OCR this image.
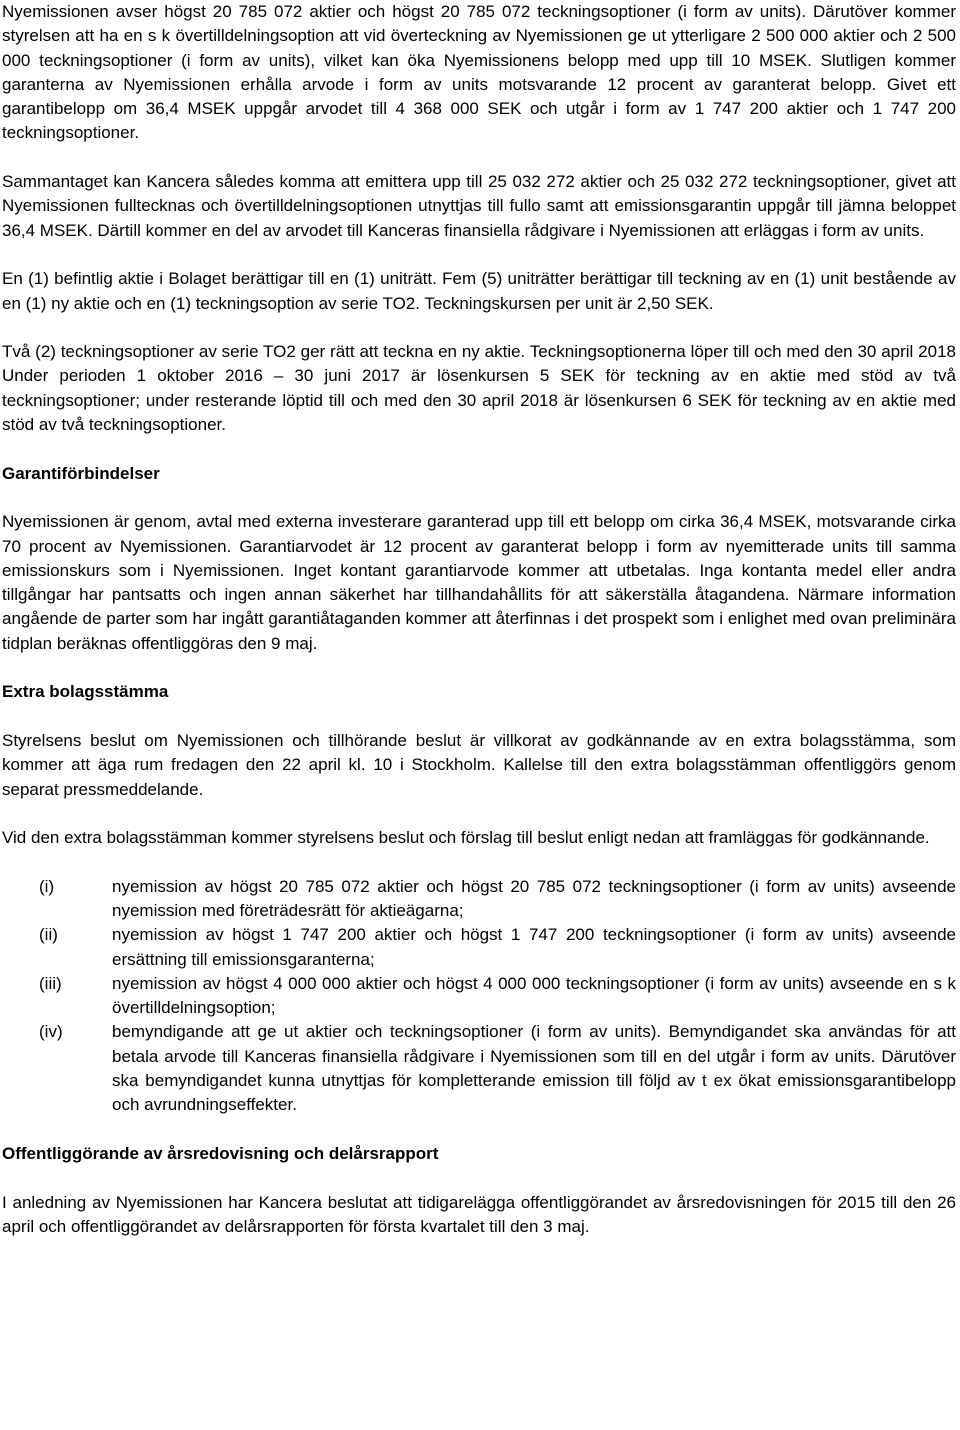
Nyemissionen avser högst 20 785 072 aktier och högst 20 785 072 teckningsoptioner (i form av units). Därutöver kommer styrelsen att ha en s k övertilldelningsoption att vid överteckning av Nyemissionen ge ut ytterligare 2 500 000 aktier och 2 500 000 teckningsoptioner (i form av units), vilket kan öka Nyemissionens belopp med upp till 10 MSEK. Slutligen kommer garanterna av Nyemissionen erhålla arvode i form av units motsvarande 12 procent av garanterat belopp. Givet ett garantibelopp om 36,4 MSEK uppgår arvodet till 4 368 000 SEK och utgår i form av 1 747 200 aktier och 1 747 200 teckningsoptioner.

Sammantaget kan Kancera således komma att emittera upp till 25 032 272 aktier och 25 032 272 teckningsoptioner, givet att Nyemissionen fulltecknas och övertilldelningsoptionen utnyttjas till fullo samt att emissionsgarantin uppgår till jämna beloppet 36,4 MSEK. Därtill kommer en del av arvodet till Kanceras finansiella rådgivare i Nyemissionen att erläggas i form av units.

En (1) befintlig aktie i Bolaget berättigar till en (1) uniträtt. Fem (5) uniträtter berättigar till teckning av en (1) unit bestående av en (1) ny aktie och en (1) teckningsoption av serie TO2. Teckningskursen per unit är 2,50 SEK.

Två (2) teckningsoptioner av serie TO2 ger rätt att teckna en ny aktie. Teckningsoptionerna löper till och med den 30 april 2018 Under perioden 1 oktober 2016 – 30 juni 2017 är lösenkursen 5 SEK för teckning av en aktie med stöd av två teckningsoptioner; under resterande löptid till och med den 30 april 2018 är lösenkursen 6 SEK för teckning av en aktie med stöd av två teckningsoptioner.

Garantiförbindelser

Nyemissionen är genom, avtal med externa investerare garanterad upp till ett belopp om cirka 36,4 MSEK, motsvarande cirka 70 procent av Nyemissionen. Garantiarvodet är 12 procent av garanterat belopp i form av nyemitterade units till samma emissionskurs som i Nyemissionen. Inget kontant garantiarvode kommer att utbetalas. Inga kontanta medel eller andra tillgångar har pantsatts och ingen annan säkerhet har tillhandahållits för att säkerställa åtagandena. Närmare information angående de parter som har ingått garantiåtaganden kommer att återfinnas i det prospekt som i enlighet med ovan preliminära tidplan beräknas offentliggöras den 9 maj.

Extra bolagsstämma

Styrelsens beslut om Nyemissionen och tillhörande beslut är villkorat av godkännande av en extra bolagsstämma, som kommer att äga rum fredagen den 22 april kl. 10 i Stockholm. Kallelse till den extra bolagsstämman offentliggörs genom separat pressmeddelande.

Vid den extra bolagsstämman kommer styrelsens beslut och förslag till beslut enligt nedan att framläggas för godkännande.

(i)	nyemission av högst 20 785 072 aktier och högst 20 785 072 teckningsoptioner (i form av units) avseende nyemission med företrädesrätt för aktieägarna;
(ii)	nyemission av högst 1 747 200 aktier och högst 1 747 200 teckningsoptioner (i form av units) avseende ersättning till emissionsgaranterna;
(iii)	nyemission av högst 4 000 000 aktier och högst 4 000 000 teckningsoptioner (i form av units) avseende en s k övertilldelningsoption;
(iv)	bemyndigande att ge ut aktier och teckningsoptioner (i form av units). Bemyndigandet ska användas för att betala arvode till Kanceras finansiella rådgivare i Nyemissionen som till en del utgår i form av units. Därutöver ska bemyndigandet kunna utnyttjas för kompletterande emission till följd av t ex ökat emissionsgarantibelopp och avrundningseffekter.
Offentliggörande av årsredovisning och delårsrapport

I anledning av Nyemissionen har Kancera beslutat att tidigarelägga offentliggörandet av årsredovisningen för 2015 till den 26 april och offentliggörandet av delårsrapporten för första kvartalet till den 3 maj.
